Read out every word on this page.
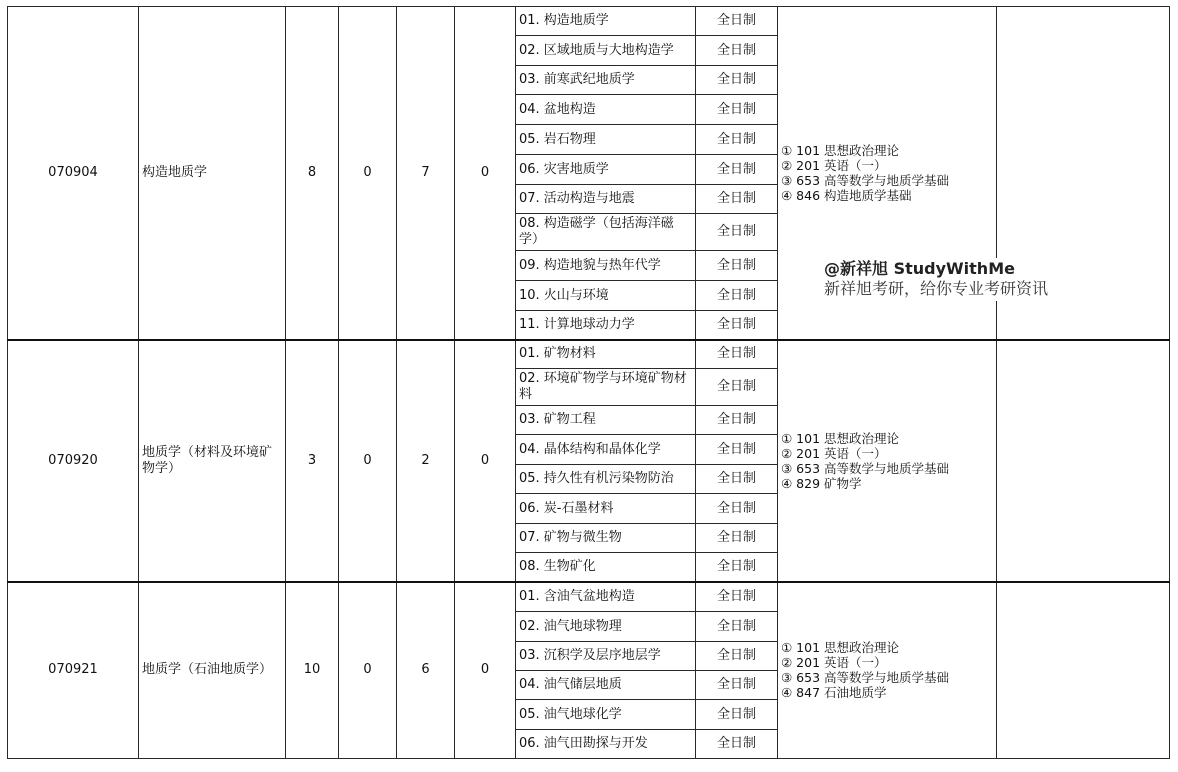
070904	构造地质学	8	0	7	0	01. 构造地质学	全日制	① 101 思想政治理论
② 201 英语（一）
③ 653 高等数学与地质学基础
④ 846 构造地质学基础	

						02. 区域地质与大地构造学	全日制		
						03. 前寒武纪地质学	全日制		
						04. 盆地构造	全日制		
						05. 岩石物理	全日制		
						06. 灾害地质学	全日制		
						07. 活动构造与地震	全日制		
						08. 构造磁学（包括海洋磁学）	全日制		
						09. 构造地貌与热年代学	全日制		
						10. 火山与环境	全日制		
						11. 计算地球动力学	全日制		
070920	地质学（材料及环境矿物学）	3	0	2	0	01. 矿物材料	全日制	① 101 思想政治理论
② 201 英语（一）
③ 653 高等数学与地质学基础
④ 829 矿物学	

						02. 环境矿物学与环境矿物材料	全日制		
						03. 矿物工程	全日制		
						04. 晶体结构和晶体化学	全日制		
						05. 持久性有机污染物防治	全日制		
						06. 炭-石墨材料	全日制		
						07. 矿物与微生物	全日制		
						08. 生物矿化	全日制		
070921	地质学（石油地质学）	10	0	6	0	01. 含油气盆地构造	全日制	① 101 思想政治理论
② 201 英语（一）
③ 653 高等数学与地质学基础
④ 847 石油地质学	

						02. 油气地球物理	全日制		
						03. 沉积学及层序地层学	全日制		
						04. 油气储层地质	全日制		
						05. 油气地球化学	全日制		
						06. 油气田勘探与开发	全日制		
@新祥旭 StudyWithMe
新祥旭考研，给你专业考研资讯
